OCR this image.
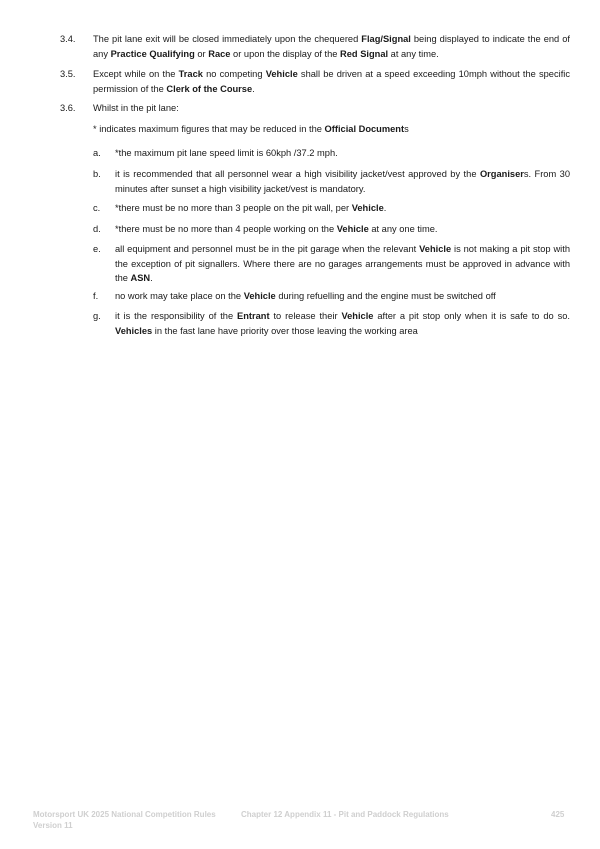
3.4. The pit lane exit will be closed immediately upon the chequered Flag/Signal being displayed to indicate the end of any Practice Qualifying or Race or upon the display of the Red Signal at any time.
3.5. Except while on the Track no competing Vehicle shall be driven at a speed exceeding 10mph without the specific permission of the Clerk of the Course.
3.6. Whilst in the pit lane:
* indicates maximum figures that may be reduced in the Official Documents
a. *the maximum pit lane speed limit is 60kph /37.2 mph.
b. it is recommended that all personnel wear a high visibility jacket/vest approved by the Organisers. From 30 minutes after sunset a high visibility jacket/vest is mandatory.
c. *there must be no more than 3 people on the pit wall, per Vehicle.
d. *there must be no more than 4 people working on the Vehicle at any one time.
e. all equipment and personnel must be in the pit garage when the relevant Vehicle is not making a pit stop with the exception of pit signallers. Where there are no garages arrangements must be approved in advance with the ASN.
f. no work may take place on the Vehicle during refuelling and the engine must be switched off
g. it is the responsibility of the Entrant to release their Vehicle after a pit stop only when it is safe to do so. Vehicles in the fast lane have priority over those leaving the working area
Motorsport UK 2025 National Competition Rules
Version 11
Chapter 12 Appendix 11 - Pit and Paddock Regulations	425
